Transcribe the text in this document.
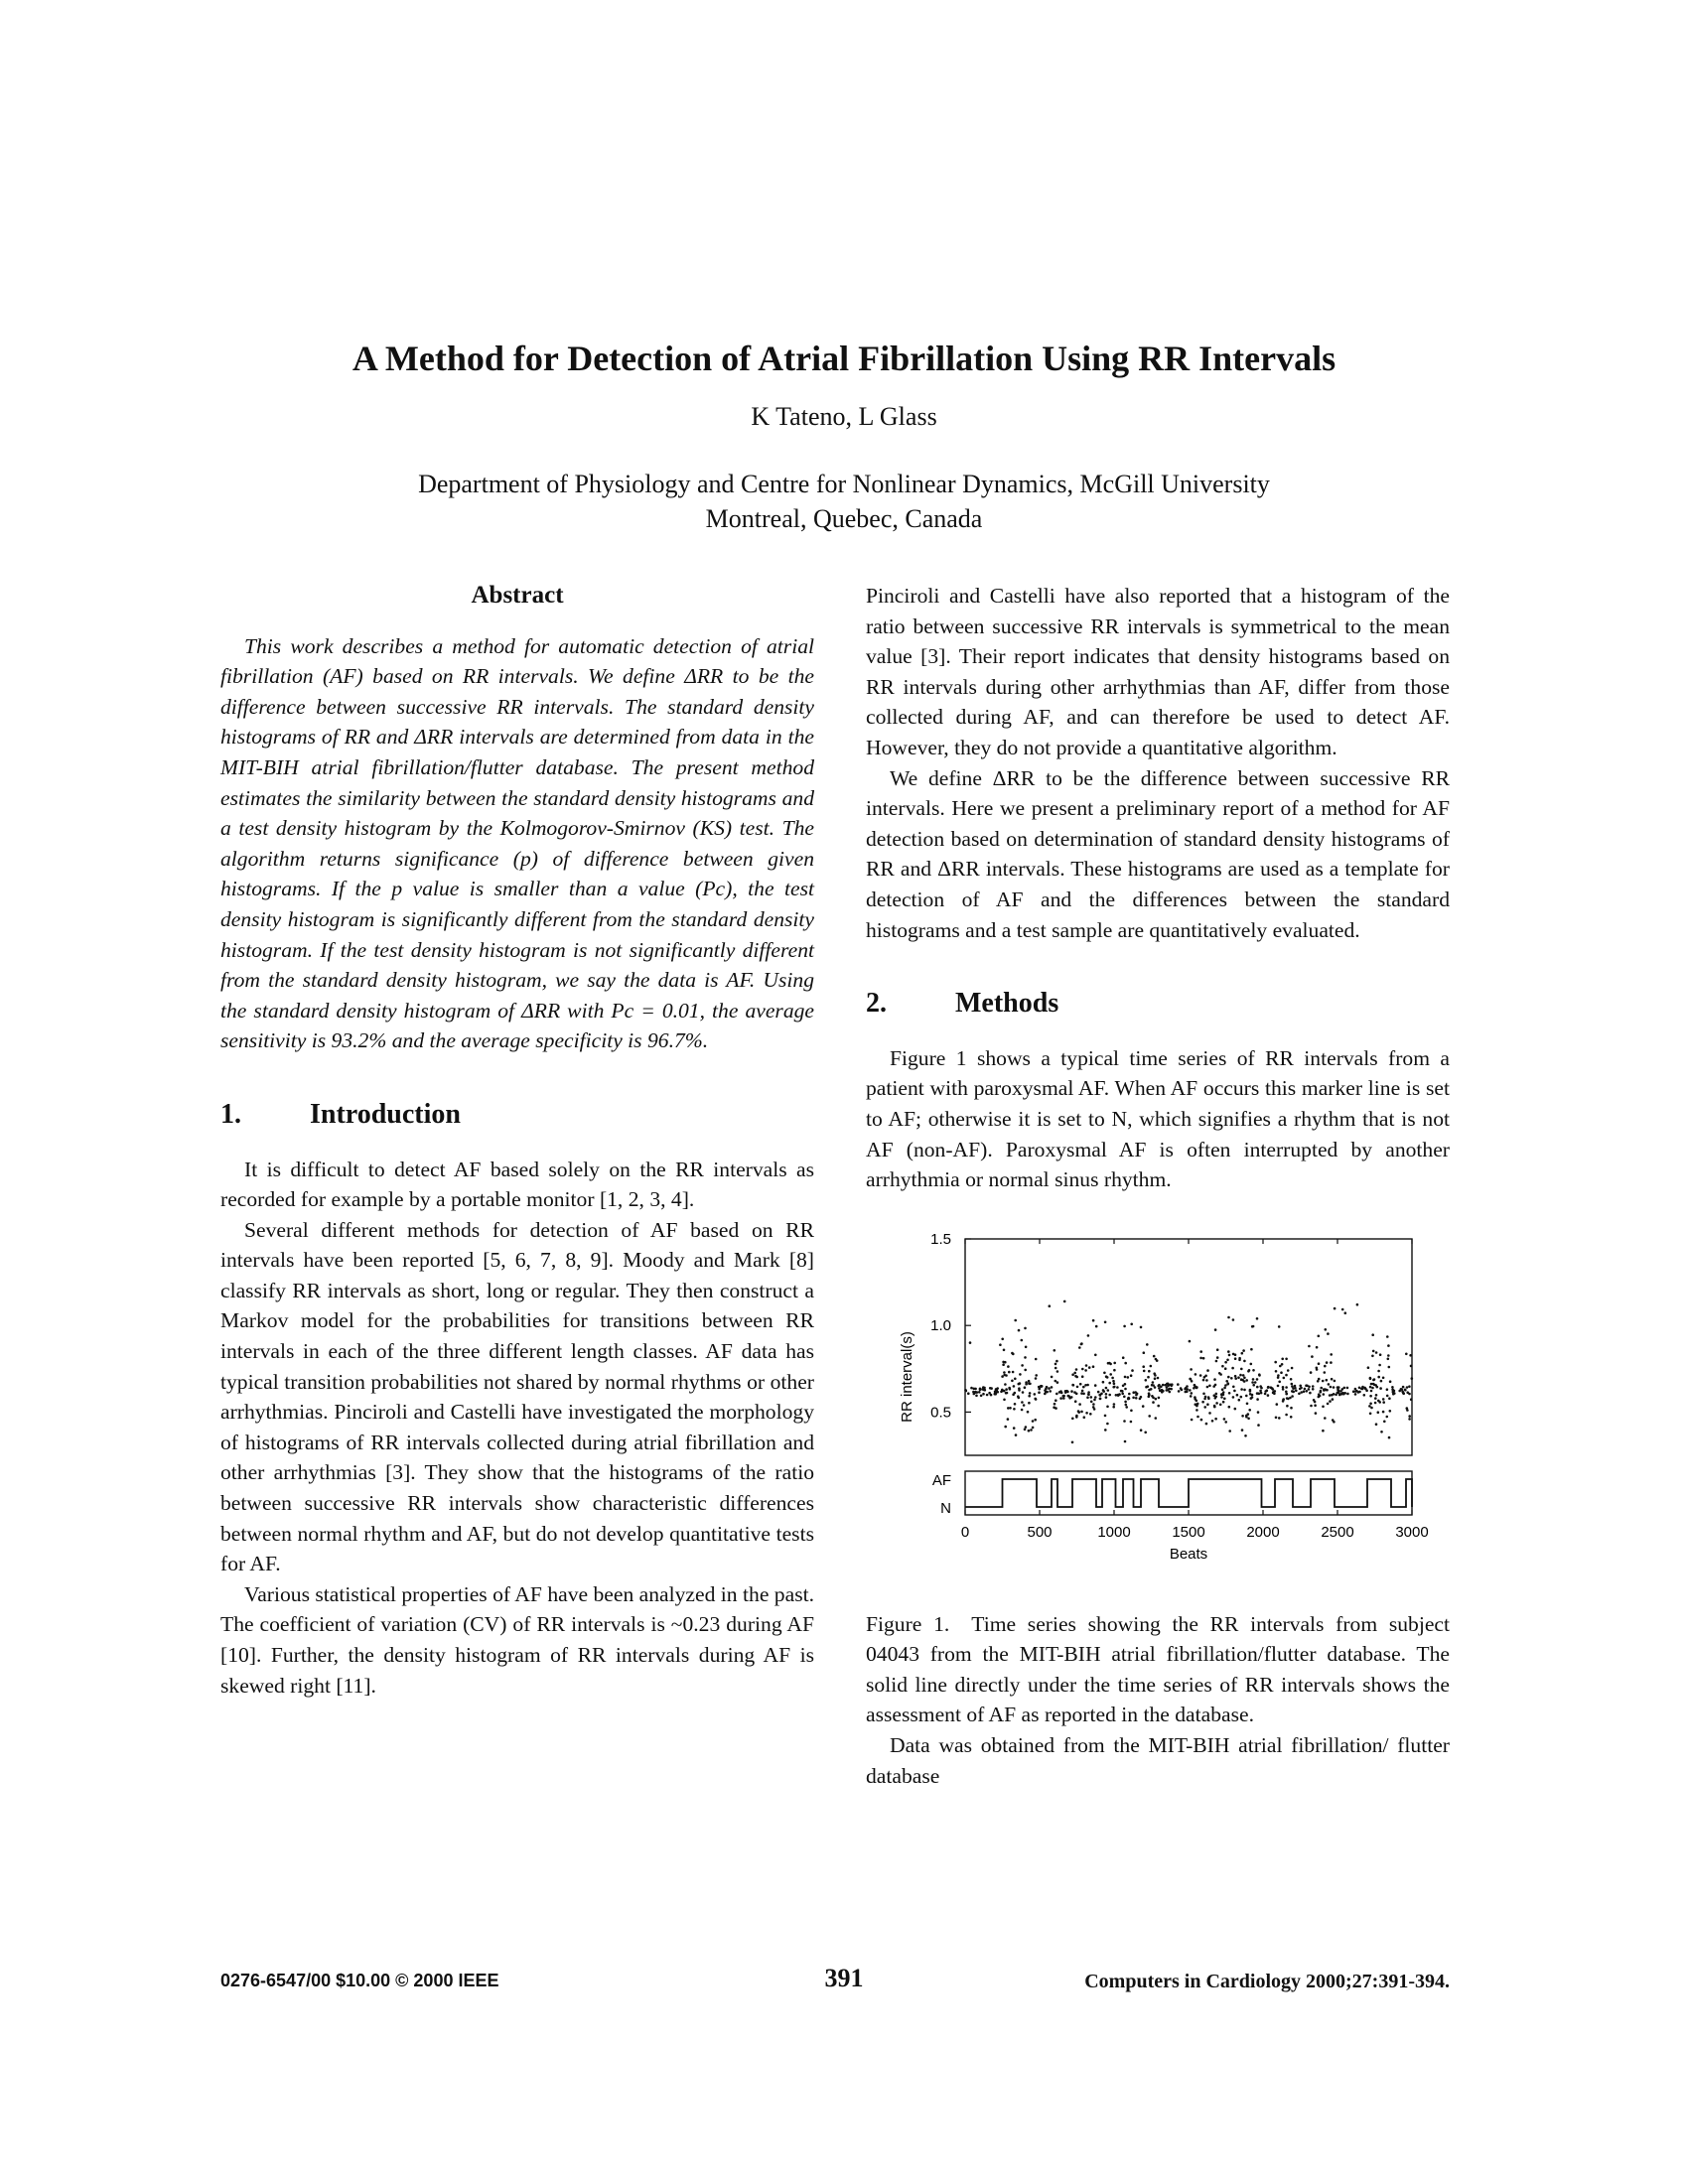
A Method for Detection of Atrial Fibrillation Using RR Intervals
K Tateno, L Glass
Department of Physiology and Centre for Nonlinear Dynamics, McGill University
Montreal, Quebec, Canada
Abstract

This work describes a method for automatic detection of atrial fibrillation (AF) based on RR intervals. We define ΔRR to be the difference between successive RR intervals. The standard density histograms of RR and ΔRR intervals are determined from data in the MIT-BIH atrial fibrillation/flutter database. The present method estimates the similarity between the standard density histograms and a test density histogram by the Kolmogorov-Smirnov (KS) test. The algorithm returns significance (p) of difference between given histograms. If the p value is smaller than a value (Pc), the test density histogram is significantly different from the standard density histogram. If the test density histogram is not significantly different from the standard density histogram, we say the data is AF. Using the standard density histogram of ΔRR with Pc = 0.01, the average sensitivity is 93.2% and the average specificity is 96.7%.

1.	Introduction

It is difficult to detect AF based solely on the RR intervals as recorded for example by a portable monitor [1, 2, 3, 4].

Several different methods for detection of AF based on RR intervals have been reported [5, 6, 7, 8, 9]. Moody and Mark [8] classify RR intervals as short, long or regular. They then construct a Markov model for the probabilities for transitions between RR intervals in each of the three different length classes. AF data has typical transition probabilities not shared by normal rhythms or other arrhythmias. Pinciroli and Castelli have investigated the morphology of histograms of RR intervals collected during atrial fibrillation and other arrhythmias [3]. They show that the histograms of the ratio between successive RR intervals show characteristic differences between normal rhythm and AF, but do not develop quantitative tests for AF.

Various statistical properties of AF have been analyzed in the past. The coefficient of variation (CV) of RR intervals is ~0.23 during AF [10]. Further, the density histogram of RR intervals during AF is skewed right [11].

Pinciroli and Castelli have also reported that a histogram of the ratio between successive RR intervals is symmetrical to the mean value [3]. Their report indicates that density histograms based on RR intervals during other arrhythmias than AF, differ from those collected during AF, and can therefore be used to detect AF. However, they do not provide a quantitative algorithm.

We define ΔRR to be the difference between successive RR intervals. Here we present a preliminary report of a method for AF detection based on determination of standard density histograms of RR and ΔRR intervals. These histograms are used as a template for detection of AF and the differences between the standard histograms and a test sample are quantitatively evaluated.

2.	Methods

Figure 1 shows a typical time series of RR intervals from a patient with paroxysmal AF. When AF occurs this marker line is set to AF; otherwise it is set to N, which signifies a rhythm that is not AF (non-AF). Paroxysmal AF is often interrupted by another arrhythmia or normal sinus rhythm.

AF
N
0.5
1.0
1.5
0	500	1000	1500	2000	2500	3000
Beats
RR interval(s)

Figure 1. Time series showing the RR intervals from subject 04043 from the MIT-BIH atrial fibrillation/flutter database. The solid line directly under the time series of RR intervals shows the assessment of AF as reported in the database.

Data was obtained from the MIT-BIH atrial fibrillation/ flutter database

0276-6547/00 $10.00 © 2000 IEEE	391	Computers in Cardiology 2000;27:391-394.
